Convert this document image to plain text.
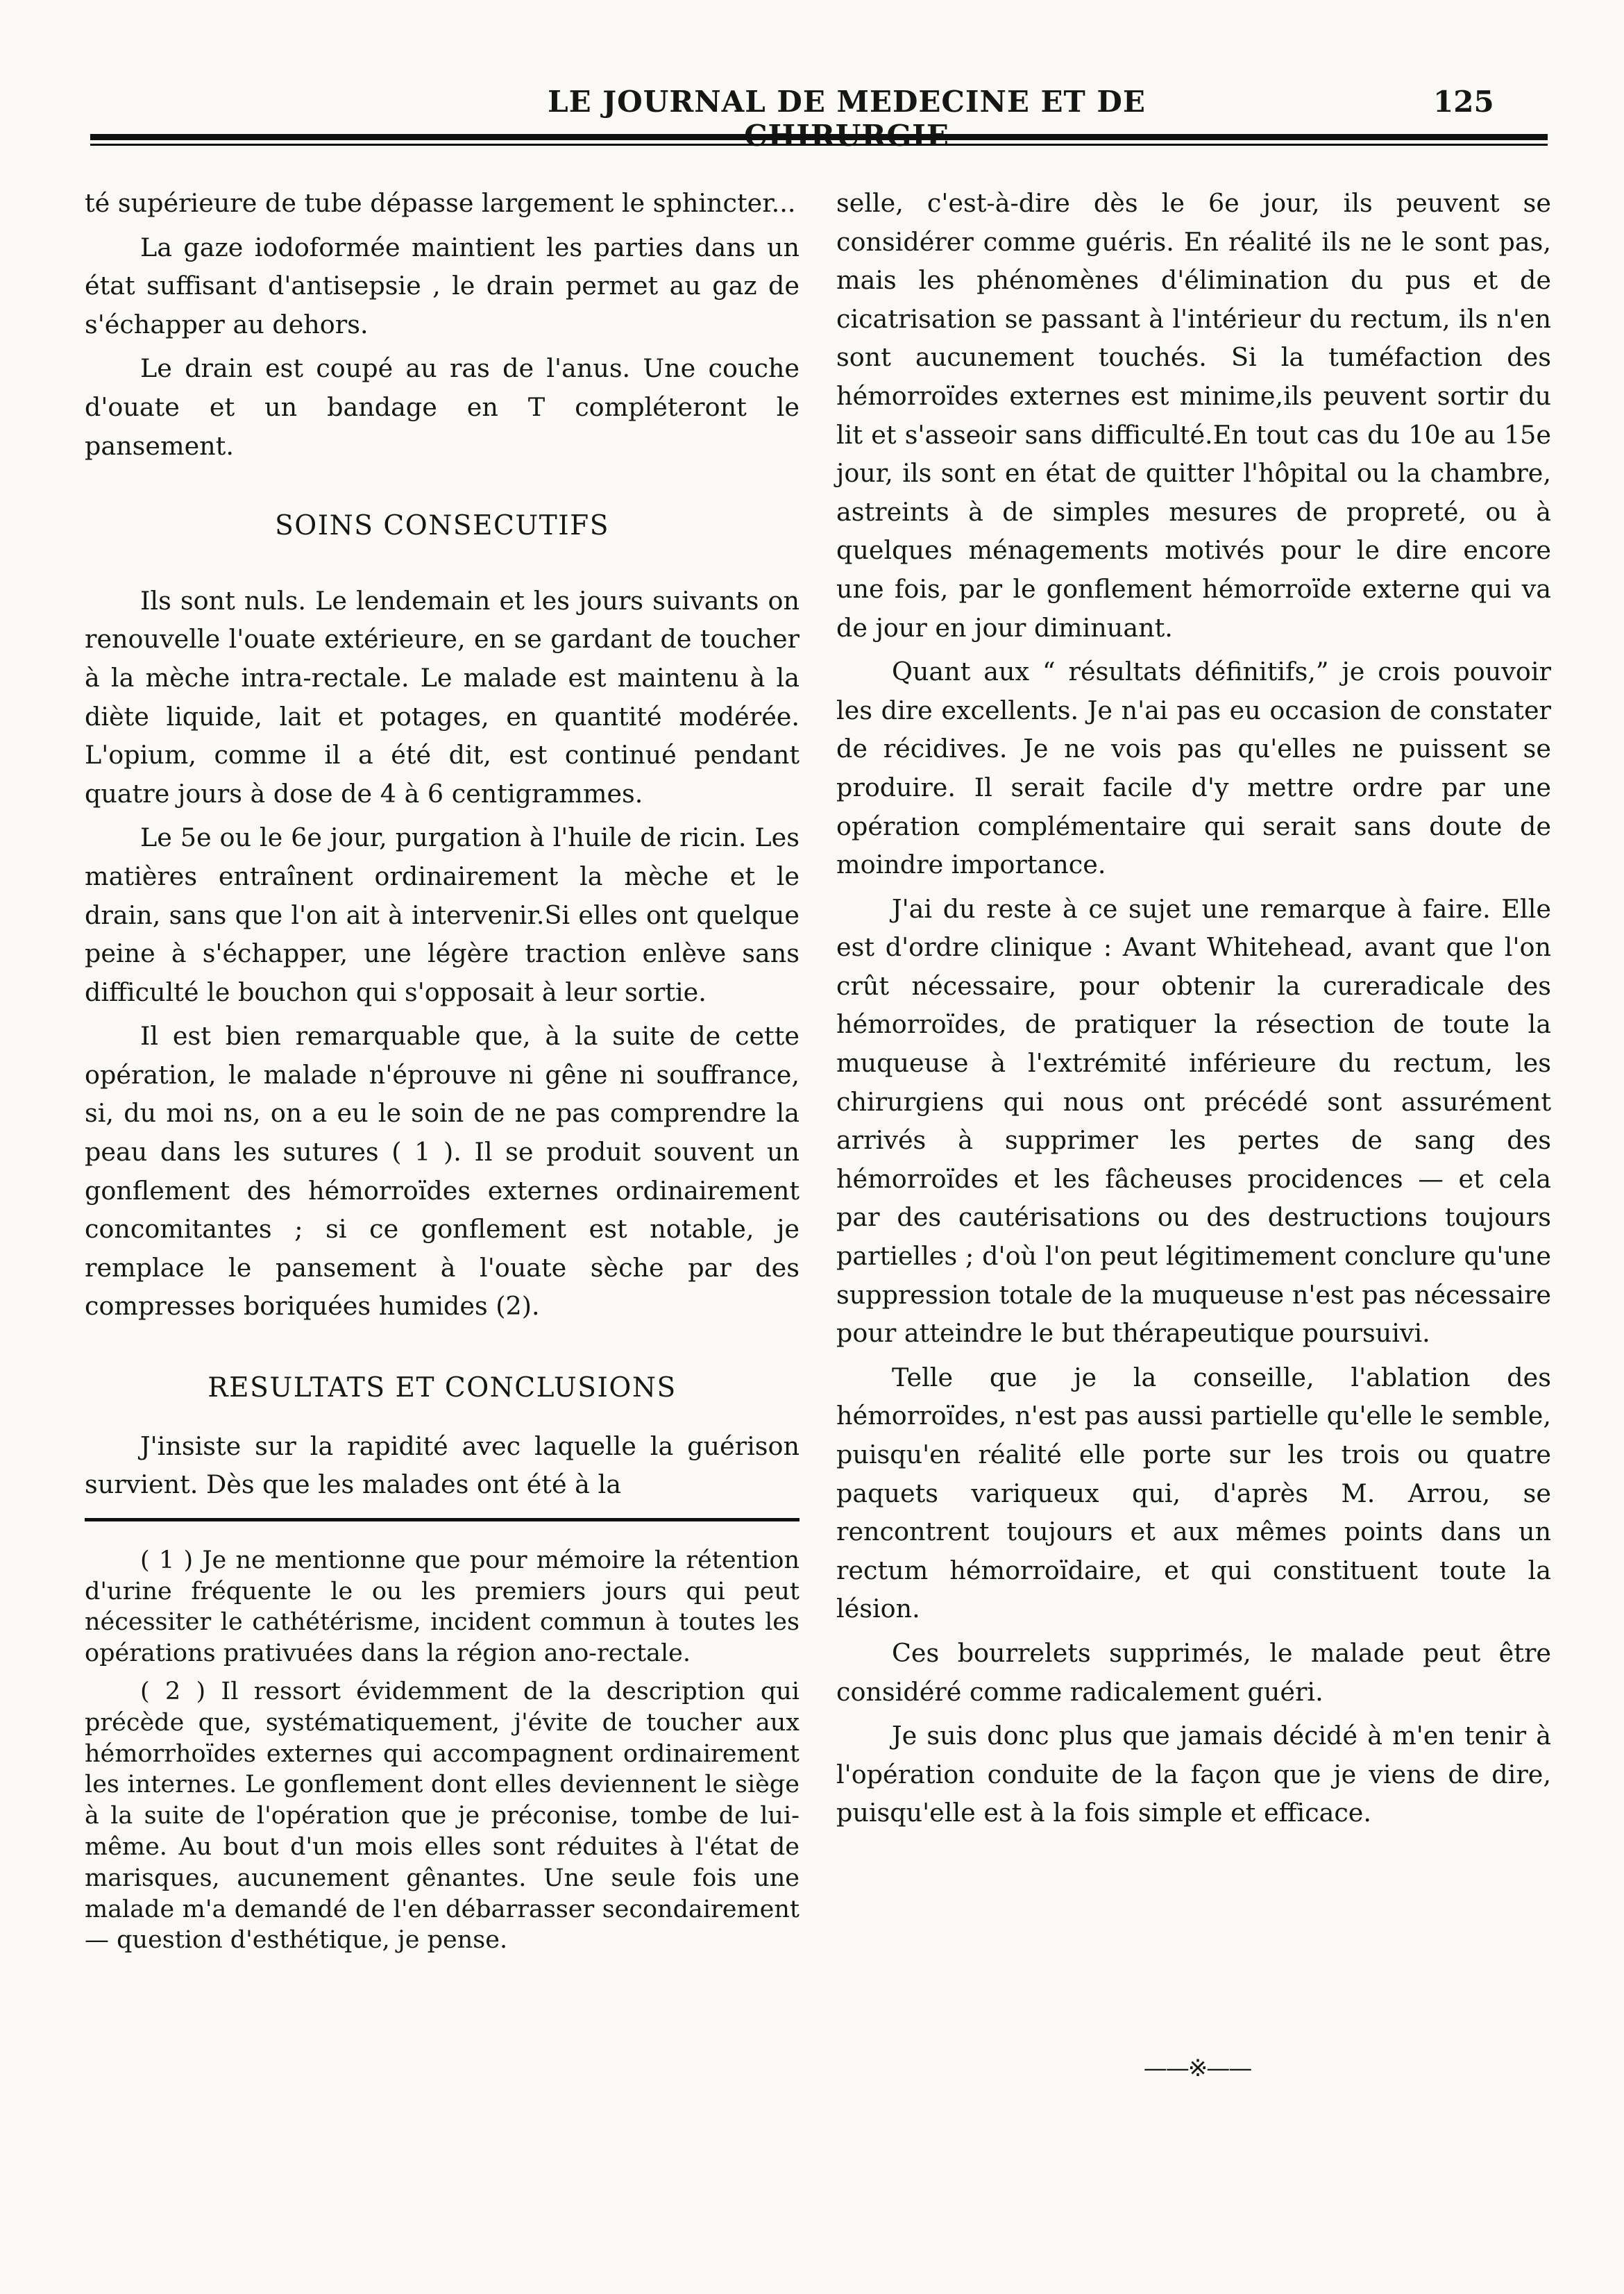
LE JOURNAL DE MEDECINE ET DE	125

té supérieure de tube dépasse largement le sphincter...

La gaze iodoformée maintient les parties dans un état suffisant d'antisepsie , le drain permet au gaz de s'échapper au dehors.

Le drain est coupé au ras de l'anus. Une couche d'ouate et un bandage en T compléteront le pansement.

SOINS CONSECUTIFS

Ils sont nuls. Le lendemain et les jours suivants on renouvelle l'ouate extérieure, en se gardant de toucher à la mèche intra-rectale. Le malade est maintenu à la diète liquide, lait et potages, en quantité modérée. L'opium, comme il a été dit, est continué pendant quatre jours à dose de 4 à 6 centigrammes.

Le 5e ou le 6e jour, purgation à l'huile de ricin. Les matières entraînent ordinairement la mèche et le drain, sans que l'on ait à intervenir.Si elles ont quelque peine à s'échapper, une légère traction enlève sans difficulté le bouchon qui s'opposait à leur sortie.

Il est bien remarquable que, à la suite de cette opération, le malade n'éprouve ni gêne ni souffrance, si, du moi ns, on a eu le soin de ne pas comprendre la peau dans les sutures ( 1 ). Il se produit souvent un gonflement des hémorroïdes externes ordinairement concomitantes ; si ce gonflement est notable, je remplace le pansement à l'ouate sèche par des compresses boriquées humides (2).

RESULTATS ET CONCLUSIONS

J'insiste sur la rapidité avec laquelle la guérison survient. Dès que les malades ont été à la

( 1 ) Je ne mentionne que pour mémoire la rétention d'urine fréquente le ou les premiers jours qui peut nécessiter le cathétérisme, incident commun à toutes les opérations prativuées dans la région ano-rectale.

( 2 ) Il ressort évidemment de la description qui précède que, systématiquement, j'évite de toucher aux hémorrhoïdes externes qui accompagnent ordinairement les internes. Le gonflement dont elles deviennent le siège à la suite de l'opération que je préconise, tombe de lui-même. Au bout d'un mois elles sont réduites à l'état de marisques, aucunement gênantes. Une seule fois une malade m'a demandé de l'en débarrasser secondairement — question d'esthétique, je pense.

selle, c'est-à-dire dès le 6e jour, ils peuvent se considérer comme guéris. En réalité ils ne le sont pas, mais les phénomènes d'élimination du pus et de cicatrisation se passant à l'intérieur du rectum, ils n'en sont aucunement touchés. Si la tuméfaction des hémorroïdes externes est minime,ils peuvent sortir du lit et s'asseoir sans difficulté.En tout cas du 10e au 15e jour, ils sont en état de quitter l'hôpital ou la chambre, astreints à de simples mesures de propreté, ou à quelques ménagements motivés pour le dire encore une fois, par le gonflement hémorroïde externe qui va de jour en jour diminuant.

Quant aux “ résultats définitifs,” je crois pouvoir les dire excellents. Je n'ai pas eu occasion de constater de récidives. Je ne vois pas qu'elles ne puissent se produire. Il serait facile d'y mettre ordre par une opération complémentaire qui serait sans doute de moindre importance.

J'ai du reste à ce sujet une remarque à faire. Elle est d'ordre clinique : Avant Whitehead, avant que l'on crût nécessaire, pour obtenir la cureradicale des hémorroïdes, de pratiquer la résection de toute la muqueuse à l'extrémité inférieure du rectum, les chirurgiens qui nous ont précédé sont assurément arrivés à supprimer les pertes de sang des hémorroïdes et les fâcheuses procidences — et cela par des cautérisations ou des destructions toujours partielles ; d'où l'on peut légitimement conclure qu'une suppression totale de la muqueuse n'est pas nécessaire pour atteindre le but thérapeutique poursuivi.

Telle que je la conseille, l'ablation des hémorroïdes, n'est pas aussi partielle qu'elle le semble, puisqu'en réalité elle porte sur les trois ou quatre paquets variqueux qui, d'après M. Arrou, se rencontrent toujours et aux mêmes points dans un rectum hémorroïdaire, et qui constituent toute la lésion.

Ces bourrelets supprimés, le malade peut être considéré comme radicalement guéri.

Je suis donc plus que jamais décidé à m'en tenir à l'opération conduite de la façon que je viens de dire, puisqu'elle est à la fois simple et efficace.

——※——
